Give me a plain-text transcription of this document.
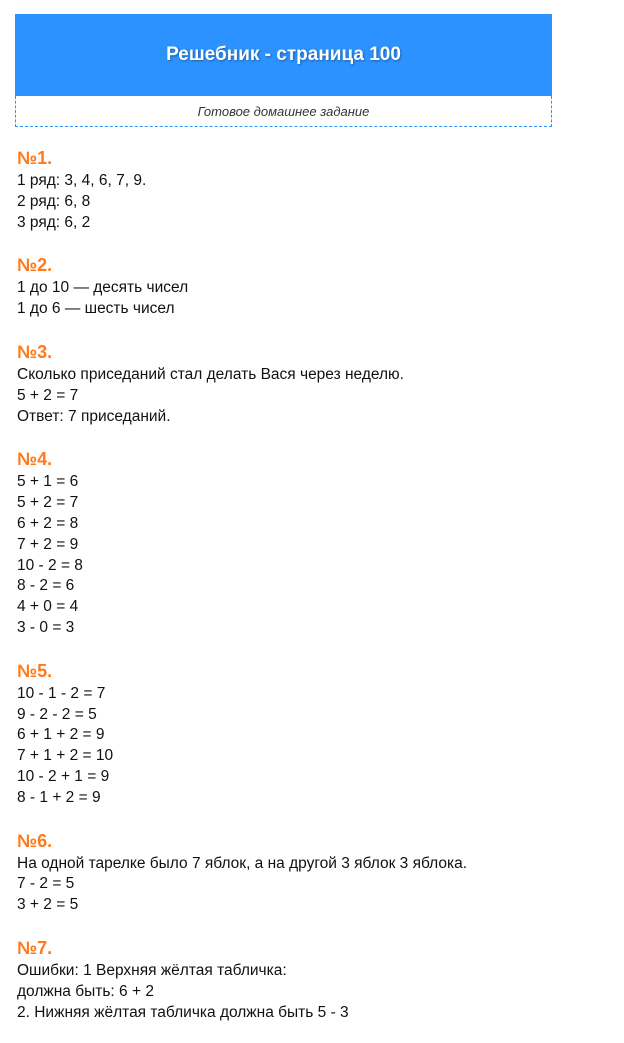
Решебник - страница 100
Готовое домашнее задание
№1.
1 ряд: 3, 4, 6, 7, 9.
2 ряд: 6, 8
3 ряд: 6, 2
№2.
1 до 10 — десять чисел
1 до 6 — шесть чисел
№3.
Сколько приседаний стал делать Вася через неделю.
5 + 2 = 7
Ответ: 7 приседаний.
№4.
5 + 1 = 6
5 + 2 = 7
6 + 2 = 8
7 + 2 = 9
10 - 2 = 8
8 - 2 = 6
4 + 0 = 4
3 - 0 = 3
№5.
10 - 1 - 2 = 7
9 - 2 - 2 = 5
6 + 1 + 2 = 9
7 + 1 + 2 = 10
10 - 2 + 1 = 9
8 - 1 + 2 = 9
№6.
На одной тарелке было 7 яблок, а на другой 3 яблок 3 яблока.
7 - 2 = 5
3 + 2 = 5
№7.
Ошибки: 1 Верхняя жёлтая табличка:
должна быть: 6 + 2
2. Нижняя жёлтая табличка должна быть 5 - 3
